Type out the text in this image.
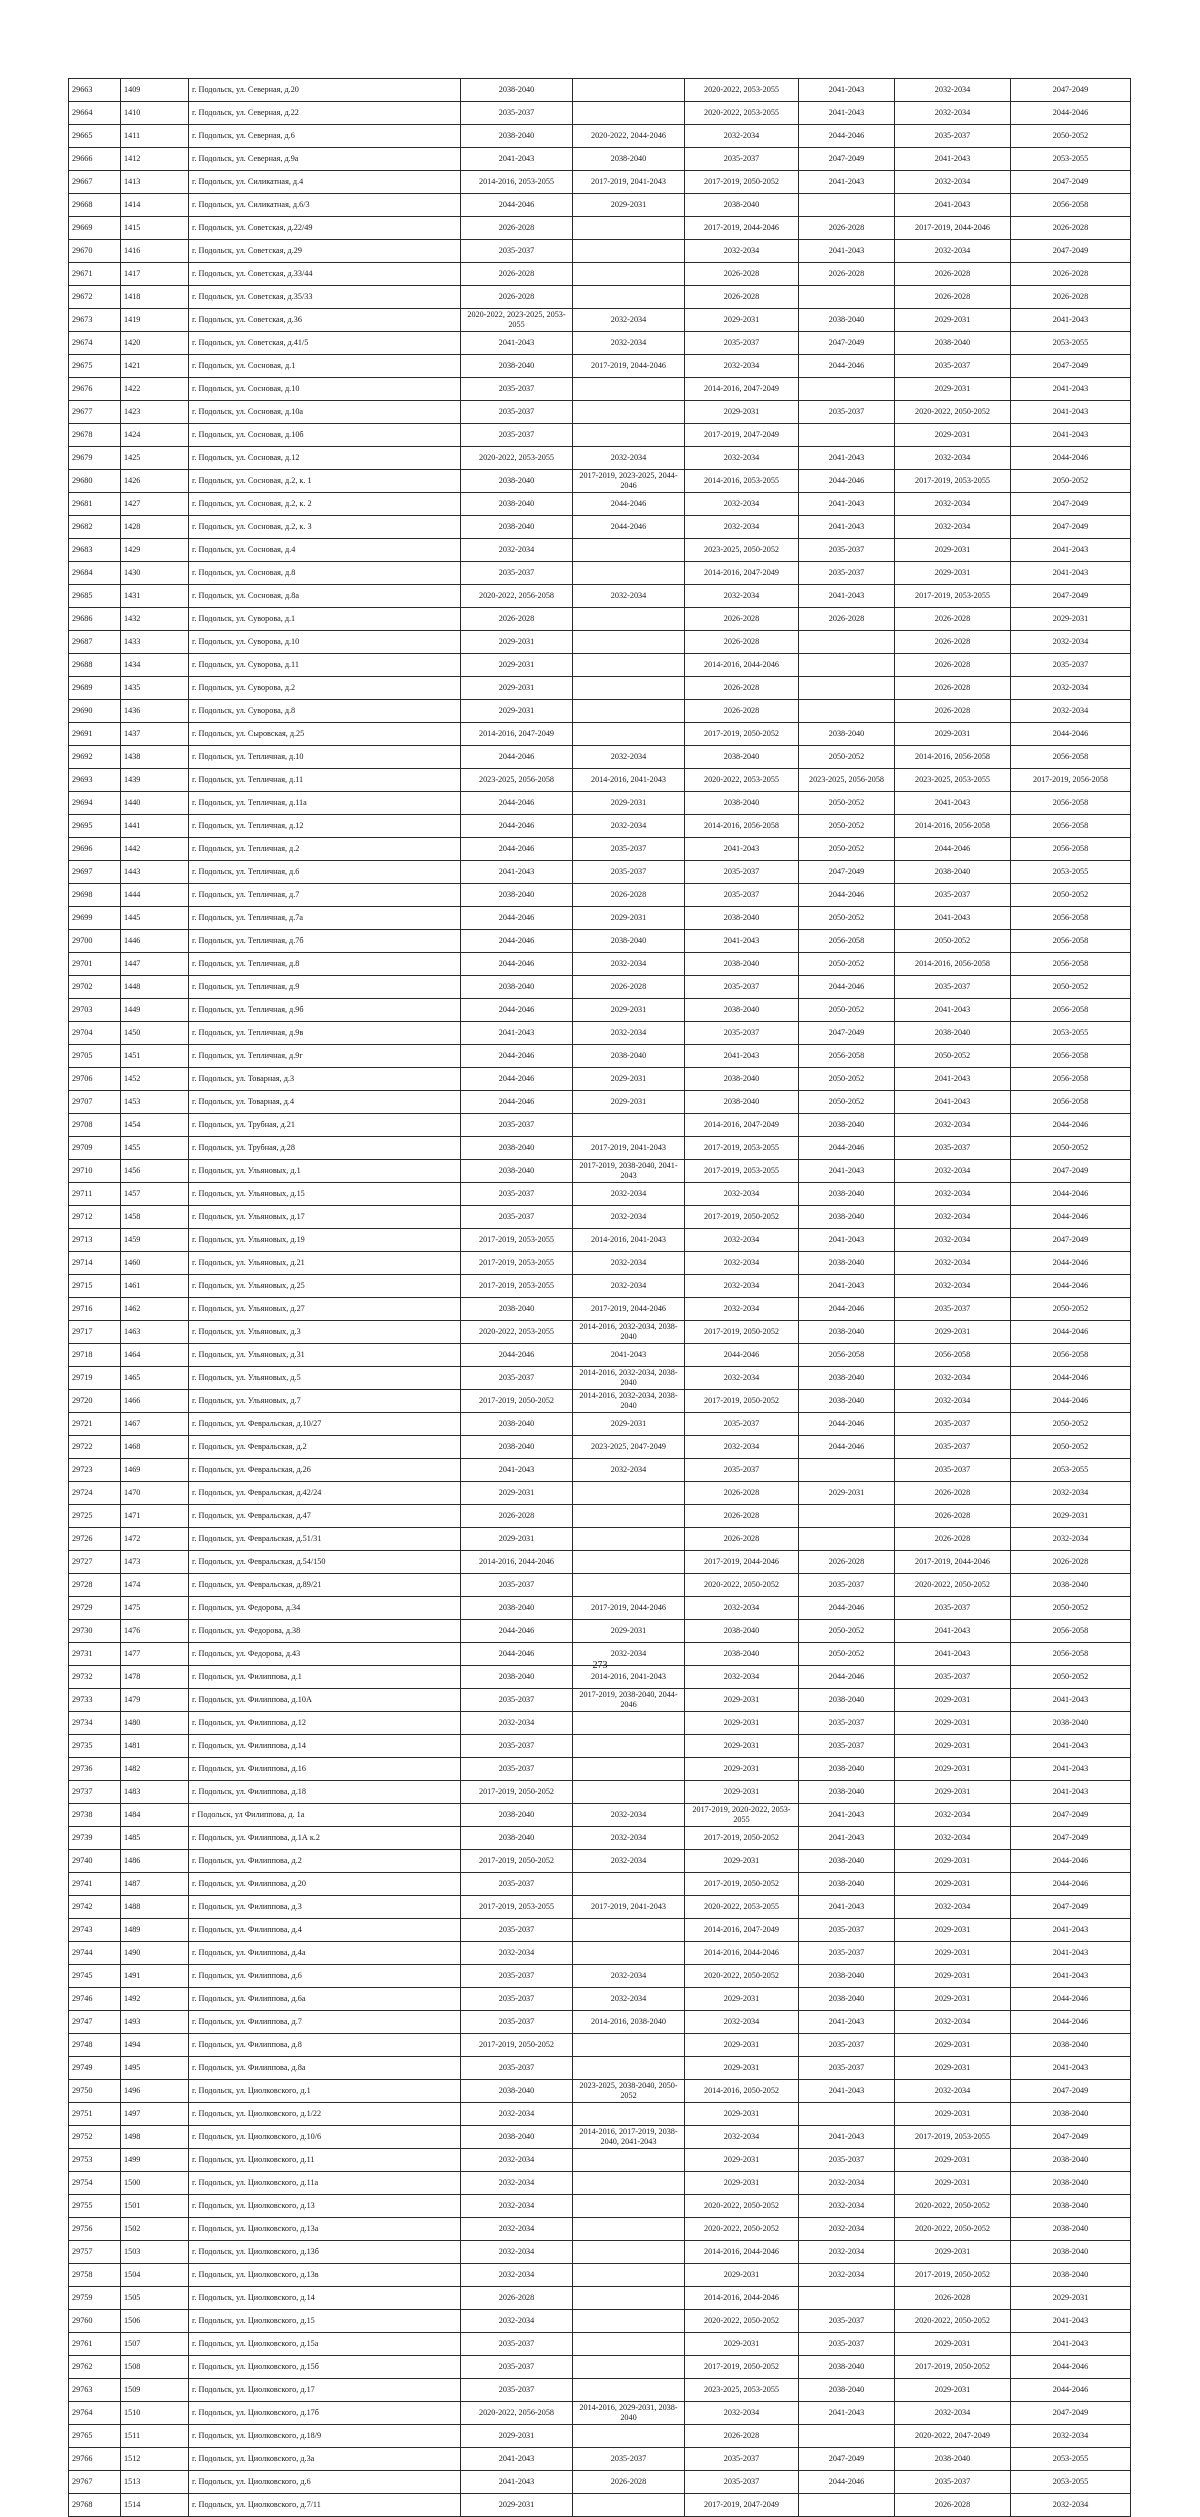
29663	1409	г. Подольск, ул. Северная, д.20	2038-2040		2020-2022, 2053-2055	2041-2043	2032-2034	2047-2049
29664	1410	г. Подольск, ул. Северная, д.22	2035-2037		2020-2022, 2053-2055	2041-2043	2032-2034	2044-2046
29665	1411	г. Подольск, ул. Северная, д.6	2038-2040	2020-2022, 2044-2046	2032-2034	2044-2046	2035-2037	2050-2052
29666	1412	г. Подольск, ул. Северная, д.9а	2041-2043	2038-2040	2035-2037	2047-2049	2041-2043	2053-2055
29667	1413	г. Подольск, ул. Силикатная, д.4	2014-2016, 2053-2055	2017-2019, 2041-2043	2017-2019, 2050-2052	2041-2043	2032-2034	2047-2049
29668	1414	г. Подольск, ул. Силикатная, д.6/3	2044-2046	2029-2031	2038-2040		2041-2043	2056-2058
29669	1415	г. Подольск, ул. Советская, д.22/49	2026-2028		2017-2019, 2044-2046	2026-2028	2017-2019, 2044-2046	2026-2028
29670	1416	г. Подольск, ул. Советская, д.29	2035-2037		2032-2034	2041-2043	2032-2034	2047-2049
29671	1417	г. Подольск, ул. Советская, д.33/44	2026-2028		2026-2028	2026-2028	2026-2028	2026-2028
29672	1418	г. Подольск, ул. Советская, д.35/33	2026-2028		2026-2028		2026-2028	2026-2028
29673	1419	г. Подольск, ул. Советская, д.36	2020-2022, 2023-2025, 2053-2055	2032-2034	2029-2031	2038-2040	2029-2031	2041-2043
29674	1420	г. Подольск, ул. Советская, д.41/5	2041-2043	2032-2034	2035-2037	2047-2049	2038-2040	2053-2055
29675	1421	г. Подольск, ул. Сосновая, д.1	2038-2040	2017-2019, 2044-2046	2032-2034	2044-2046	2035-2037	2047-2049
29676	1422	г. Подольск, ул. Сосновая, д.10	2035-2037		2014-2016, 2047-2049		2029-2031	2041-2043
29677	1423	г. Подольск, ул. Сосновая, д.10а	2035-2037		2029-2031	2035-2037	2020-2022, 2050-2052	2041-2043
29678	1424	г. Подольск, ул. Сосновая, д.10б	2035-2037		2017-2019, 2047-2049		2029-2031	2041-2043
29679	1425	г. Подольск, ул. Сосновая, д.12	2020-2022, 2053-2055	2032-2034	2032-2034	2041-2043	2032-2034	2044-2046
29680	1426	г. Подольск, ул. Сосновая, д.2, к. 1	2038-2040	2017-2019, 2023-2025, 2044-2046	2014-2016, 2053-2055	2044-2046	2017-2019, 2053-2055	2050-2052
29681	1427	г. Подольск, ул. Сосновая, д.2, к. 2	2038-2040	2044-2046	2032-2034	2041-2043	2032-2034	2047-2049
29682	1428	г. Подольск, ул. Сосновая, д.2, к. 3	2038-2040	2044-2046	2032-2034	2041-2043	2032-2034	2047-2049
29683	1429	г. Подольск, ул. Сосновая, д.4	2032-2034		2023-2025, 2050-2052	2035-2037	2029-2031	2041-2043
29684	1430	г. Подольск, ул. Сосновая, д.8	2035-2037		2014-2016, 2047-2049	2035-2037	2029-2031	2041-2043
29685	1431	г. Подольск, ул. Сосновая, д.8а	2020-2022, 2056-2058	2032-2034	2032-2034	2041-2043	2017-2019, 2053-2055	2047-2049
29686	1432	г. Подольск, ул. Суворова, д.1	2026-2028		2026-2028	2026-2028	2026-2028	2029-2031
29687	1433	г. Подольск, ул. Суворова, д.10	2029-2031		2026-2028		2026-2028	2032-2034
29688	1434	г. Подольск, ул. Суворова, д.11	2029-2031		2014-2016, 2044-2046		2026-2028	2035-2037
29689	1435	г. Подольск, ул. Суворова, д.2	2029-2031		2026-2028		2026-2028	2032-2034
29690	1436	г. Подольск, ул. Суворова, д.8	2029-2031		2026-2028		2026-2028	2032-2034
29691	1437	г. Подольск, ул. Сыровская, д.25	2014-2016, 2047-2049		2017-2019, 2050-2052	2038-2040	2029-2031	2044-2046
29692	1438	г. Подольск, ул. Тепличная, д.10	2044-2046	2032-2034	2038-2040	2050-2052	2014-2016, 2056-2058	2056-2058
29693	1439	г. Подольск, ул. Тепличная, д.11	2023-2025, 2056-2058	2014-2016, 2041-2043	2020-2022, 2053-2055	2023-2025, 2056-2058	2023-2025, 2053-2055	2017-2019, 2056-2058
29694	1440	г. Подольск, ул. Тепличная, д.11а	2044-2046	2029-2031	2038-2040	2050-2052	2041-2043	2056-2058
29695	1441	г. Подольск, ул. Тепличная, д.12	2044-2046	2032-2034	2014-2016, 2056-2058	2050-2052	2014-2016, 2056-2058	2056-2058
29696	1442	г. Подольск, ул. Тепличная, д.2	2044-2046	2035-2037	2041-2043	2050-2052	2044-2046	2056-2058
29697	1443	г. Подольск, ул. Тепличная, д.6	2041-2043	2035-2037	2035-2037	2047-2049	2038-2040	2053-2055
29698	1444	г. Подольск, ул. Тепличная, д.7	2038-2040	2026-2028	2035-2037	2044-2046	2035-2037	2050-2052
29699	1445	г. Подольск, ул. Тепличная, д.7а	2044-2046	2029-2031	2038-2040	2050-2052	2041-2043	2056-2058
29700	1446	г. Подольск, ул. Тепличная, д.7б	2044-2046	2038-2040	2041-2043	2056-2058	2050-2052	2056-2058
29701	1447	г. Подольск, ул. Тепличная, д.8	2044-2046	2032-2034	2038-2040	2050-2052	2014-2016, 2056-2058	2056-2058
29702	1448	г. Подольск, ул. Тепличная, д.9	2038-2040	2026-2028	2035-2037	2044-2046	2035-2037	2050-2052
29703	1449	г. Подольск, ул. Тепличная, д.9б	2044-2046	2029-2031	2038-2040	2050-2052	2041-2043	2056-2058
29704	1450	г. Подольск, ул. Тепличная, д.9в	2041-2043	2032-2034	2035-2037	2047-2049	2038-2040	2053-2055
29705	1451	г. Подольск, ул. Тепличная, д.9г	2044-2046	2038-2040	2041-2043	2056-2058	2050-2052	2056-2058
29706	1452	г. Подольск, ул. Товарная, д.3	2044-2046	2029-2031	2038-2040	2050-2052	2041-2043	2056-2058
29707	1453	г. Подольск, ул. Товарная, д.4	2044-2046	2029-2031	2038-2040	2050-2052	2041-2043	2056-2058
29708	1454	г. Подольск, ул. Трубная, д.21	2035-2037		2014-2016, 2047-2049	2038-2040	2032-2034	2044-2046
29709	1455	г. Подольск, ул. Трубная, д.28	2038-2040	2017-2019, 2041-2043	2017-2019, 2053-2055	2044-2046	2035-2037	2050-2052
29710	1456	г. Подольск, ул. Ульяновых, д.1	2038-2040	2017-2019, 2038-2040, 2041-2043	2017-2019, 2053-2055	2041-2043	2032-2034	2047-2049
29711	1457	г. Подольск, ул. Ульяновых, д.15	2035-2037	2032-2034	2032-2034	2038-2040	2032-2034	2044-2046
29712	1458	г. Подольск, ул. Ульяновых, д.17	2035-2037	2032-2034	2017-2019, 2050-2052	2038-2040	2032-2034	2044-2046
29713	1459	г. Подольск, ул. Ульяновых, д.19	2017-2019, 2053-2055	2014-2016, 2041-2043	2032-2034	2041-2043	2032-2034	2047-2049
29714	1460	г. Подольск, ул. Ульяновых, д.21	2017-2019, 2053-2055	2032-2034	2032-2034	2038-2040	2032-2034	2044-2046
29715	1461	г. Подольск, ул. Ульяновых, д.25	2017-2019, 2053-2055	2032-2034	2032-2034	2041-2043	2032-2034	2044-2046
29716	1462	г. Подольск, ул. Ульяновых, д.27	2038-2040	2017-2019, 2044-2046	2032-2034	2044-2046	2035-2037	2050-2052
29717	1463	г. Подольск, ул. Ульяновых, д.3	2020-2022, 2053-2055	2014-2016, 2032-2034, 2038-2040	2017-2019, 2050-2052	2038-2040	2029-2031	2044-2046
29718	1464	г. Подольск, ул. Ульяновых, д.31	2044-2046	2041-2043	2044-2046	2056-2058	2056-2058	2056-2058
29719	1465	г. Подольск, ул. Ульяновых, д.5	2035-2037	2014-2016, 2032-2034, 2038-2040	2032-2034	2038-2040	2032-2034	2044-2046
29720	1466	г. Подольск, ул. Ульяновых, д.7	2017-2019, 2050-2052	2014-2016, 2032-2034, 2038-2040	2017-2019, 2050-2052	2038-2040	2032-2034	2044-2046
29721	1467	г. Подольск, ул. Февральская, д.10/27	2038-2040	2029-2031	2035-2037	2044-2046	2035-2037	2050-2052
29722	1468	г. Подольск, ул. Февральская, д.2	2038-2040	2023-2025, 2047-2049	2032-2034	2044-2046	2035-2037	2050-2052
29723	1469	г. Подольск, ул. Февральская, д.26	2041-2043	2032-2034	2035-2037		2035-2037	2053-2055
29724	1470	г. Подольск, ул. Февральская, д.42/24	2029-2031		2026-2028	2029-2031	2026-2028	2032-2034
29725	1471	г. Подольск, ул. Февральская, д.47	2026-2028		2026-2028		2026-2028	2029-2031
29726	1472	г. Подольск, ул. Февральская, д.51/31	2029-2031		2026-2028		2026-2028	2032-2034
29727	1473	г. Подольск, ул. Февральская, д.54/150	2014-2016, 2044-2046		2017-2019, 2044-2046	2026-2028	2017-2019, 2044-2046	2026-2028
29728	1474	г. Подольск, ул. Февральская, д.89/21	2035-2037		2020-2022, 2050-2052	2035-2037	2020-2022, 2050-2052	2038-2040
29729	1475	г. Подольск, ул. Федорова, д.34	2038-2040	2017-2019, 2044-2046	2032-2034	2044-2046	2035-2037	2050-2052
29730	1476	г. Подольск, ул. Федорова, д.38	2044-2046	2029-2031	2038-2040	2050-2052	2041-2043	2056-2058
29731	1477	г. Подольск, ул. Федорова, д.43	2044-2046	2032-2034	2038-2040	2050-2052	2041-2043	2056-2058
29732	1478	г. Подольск, ул. Филиппова, д.1	2038-2040	2014-2016, 2041-2043	2032-2034	2044-2046	2035-2037	2050-2052
29733	1479	г. Подольск, ул. Филиппова, д.10А	2035-2037	2017-2019, 2038-2040, 2044-2046	2029-2031	2038-2040	2029-2031	2041-2043
29734	1480	г. Подольск, ул. Филиппова, д.12	2032-2034		2029-2031	2035-2037	2029-2031	2038-2040
29735	1481	г. Подольск, ул. Филиппова, д.14	2035-2037		2029-2031	2035-2037	2029-2031	2041-2043
29736	1482	г. Подольск, ул. Филиппова, д.16	2035-2037		2029-2031	2038-2040	2029-2031	2041-2043
29737	1483	г. Подольск, ул. Филиппова, д.18	2017-2019, 2050-2052		2029-2031	2038-2040	2029-2031	2041-2043
29738	1484	г Подольск, ул Филиппова, д. 1а	2038-2040	2032-2034	2017-2019, 2020-2022, 2053-2055	2041-2043	2032-2034	2047-2049
29739	1485	г. Подольск, ул. Филиппова, д.1А к.2	2038-2040	2032-2034	2017-2019, 2050-2052	2041-2043	2032-2034	2047-2049
29740	1486	г. Подольск, ул. Филиппова, д.2	2017-2019, 2050-2052	2032-2034	2029-2031	2038-2040	2029-2031	2044-2046
29741	1487	г. Подольск, ул. Филиппова, д.20	2035-2037		2017-2019, 2050-2052	2038-2040	2029-2031	2044-2046
29742	1488	г. Подольск, ул. Филиппова, д.3	2017-2019, 2053-2055	2017-2019, 2041-2043	2020-2022, 2053-2055	2041-2043	2032-2034	2047-2049
29743	1489	г. Подольск, ул. Филиппова, д.4	2035-2037		2014-2016, 2047-2049	2035-2037	2029-2031	2041-2043
29744	1490	г. Подольск, ул. Филиппова, д.4а	2032-2034		2014-2016, 2044-2046	2035-2037	2029-2031	2041-2043
29745	1491	г. Подольск, ул. Филиппова, д.6	2035-2037	2032-2034	2020-2022, 2050-2052	2038-2040	2029-2031	2041-2043
29746	1492	г. Подольск, ул. Филиппова, д.6а	2035-2037	2032-2034	2029-2031	2038-2040	2029-2031	2044-2046
29747	1493	г. Подольск, ул. Филиппова, д.7	2035-2037	2014-2016, 2038-2040	2032-2034	2041-2043	2032-2034	2044-2046
29748	1494	г. Подольск, ул. Филиппова, д.8	2017-2019, 2050-2052		2029-2031	2035-2037	2029-2031	2038-2040
29749	1495	г. Подольск, ул. Филиппова, д.8а	2035-2037		2029-2031	2035-2037	2029-2031	2041-2043
29750	1496	г. Подольск, ул. Циолковского, д.1	2038-2040	2023-2025, 2038-2040, 2050-2052	2014-2016, 2050-2052	2041-2043	2032-2034	2047-2049
29751	1497	г. Подольск, ул. Циолковского, д.1/22	2032-2034		2029-2031		2029-2031	2038-2040
29752	1498	г. Подольск, ул. Циолковского, д.10/6	2038-2040	2014-2016, 2017-2019, 2038-2040, 2041-2043	2032-2034	2041-2043	2017-2019, 2053-2055	2047-2049
29753	1499	г. Подольск, ул. Циолковского, д.11	2032-2034		2029-2031	2035-2037	2029-2031	2038-2040
29754	1500	г. Подольск, ул. Циолковского, д.11а	2032-2034		2029-2031	2032-2034	2029-2031	2038-2040
29755	1501	г. Подольск, ул. Циолковского, д.13	2032-2034		2020-2022, 2050-2052	2032-2034	2020-2022, 2050-2052	2038-2040
29756	1502	г. Подольск, ул. Циолковского, д.13а	2032-2034		2020-2022, 2050-2052	2032-2034	2020-2022, 2050-2052	2038-2040
29757	1503	г. Подольск, ул. Циолковского, д.13б	2032-2034		2014-2016, 2044-2046	2032-2034	2029-2031	2038-2040
29758	1504	г. Подольск, ул. Циолковского, д.13в	2032-2034		2029-2031	2032-2034	2017-2019, 2050-2052	2038-2040
29759	1505	г. Подольск, ул. Циолковского, д.14	2026-2028		2014-2016, 2044-2046		2026-2028	2029-2031
29760	1506	г. Подольск, ул. Циолковского, д.15	2032-2034		2020-2022, 2050-2052	2035-2037	2020-2022, 2050-2052	2041-2043
29761	1507	г. Подольск, ул. Циолковского, д.15а	2035-2037		2029-2031	2035-2037	2029-2031	2041-2043
29762	1508	г. Подольск, ул. Циолковского, д.15б	2035-2037		2017-2019, 2050-2052	2038-2040	2017-2019, 2050-2052	2044-2046
29763	1509	г. Подольск, ул. Циолковского, д.17	2035-2037		2023-2025, 2053-2055	2038-2040	2029-2031	2044-2046
29764	1510	г. Подольск, ул. Циолковского, д.17б	2020-2022, 2056-2058	2014-2016, 2029-2031, 2038-2040	2032-2034	2041-2043	2032-2034	2047-2049
29765	1511	г. Подольск, ул. Циолковского, д.18/9	2029-2031		2026-2028		2020-2022, 2047-2049	2032-2034
29766	1512	г. Подольск, ул. Циолковского, д.3а	2041-2043	2035-2037	2035-2037	2047-2049	2038-2040	2053-2055
29767	1513	г. Подольск, ул. Циолковского, д.6	2041-2043	2026-2028	2035-2037	2044-2046	2035-2037	2053-2055
29768	1514	г. Подольск, ул. Циолковского, д.7/11	2029-2031		2017-2019, 2047-2049		2026-2028	2032-2034
273
